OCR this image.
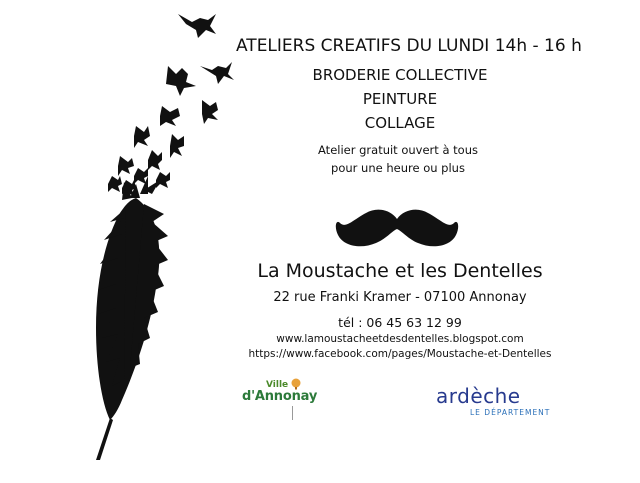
ATELIERS CREATIFS DU LUNDI 14h - 16 h
BRODERIE COLLECTIVE
PEINTURE
COLLAGE
Atelier gratuit ouvert à tous
pour une heure ou plus
La Moustache et les Dentelles
22 rue Franki Kramer - 07100 Annonay
tél : 06 45 63 12 99
www.lamoustacheetdesdentelles.blogspot.com
https://www.facebook.com/pages/Moustache-et-Dentelles
Ville
d'Annonay	ardèche
LE DÉPARTEMENT
